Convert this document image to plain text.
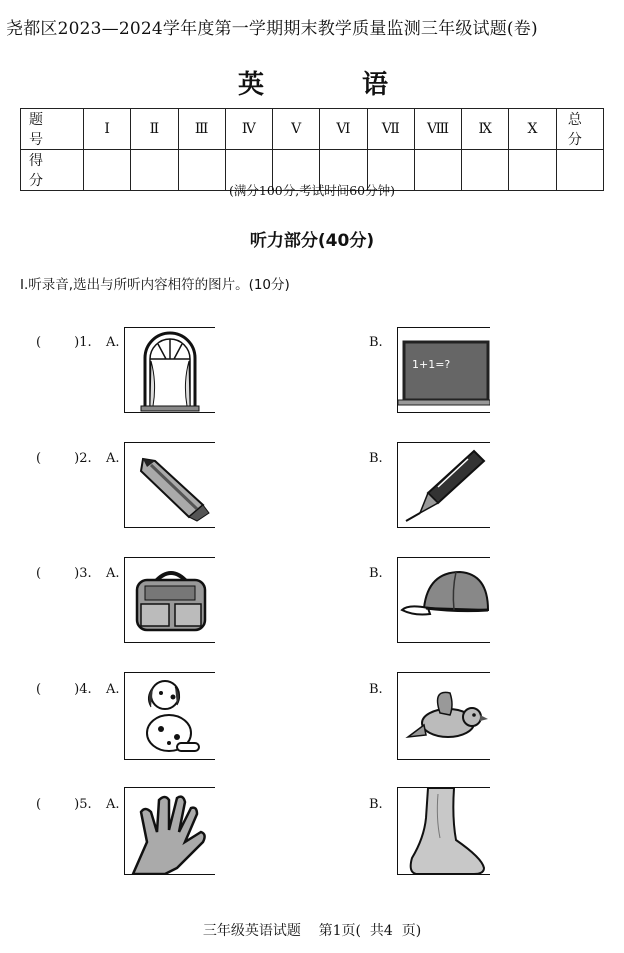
尧都区2023—2024学年度第一学期期末教学质量监测三年级试题(卷)
英	语
题 号	Ⅰ	Ⅱ	Ⅲ	Ⅳ	Ⅴ	Ⅵ	Ⅶ	Ⅷ	Ⅸ	Ⅹ	总 分
得 分											
(满分100分,考试时间60分钟)
听力部分(40分)
Ⅰ.听录音,选出与所听内容相符的图片。(10分)
(        )1. A.	B.
1+1=?
(        )2. A.	B.
(        )3. A.	B.
(        )4. A.	B.
(        )5. A.	B.
三年级英语试题    第1页(  共4  页)
